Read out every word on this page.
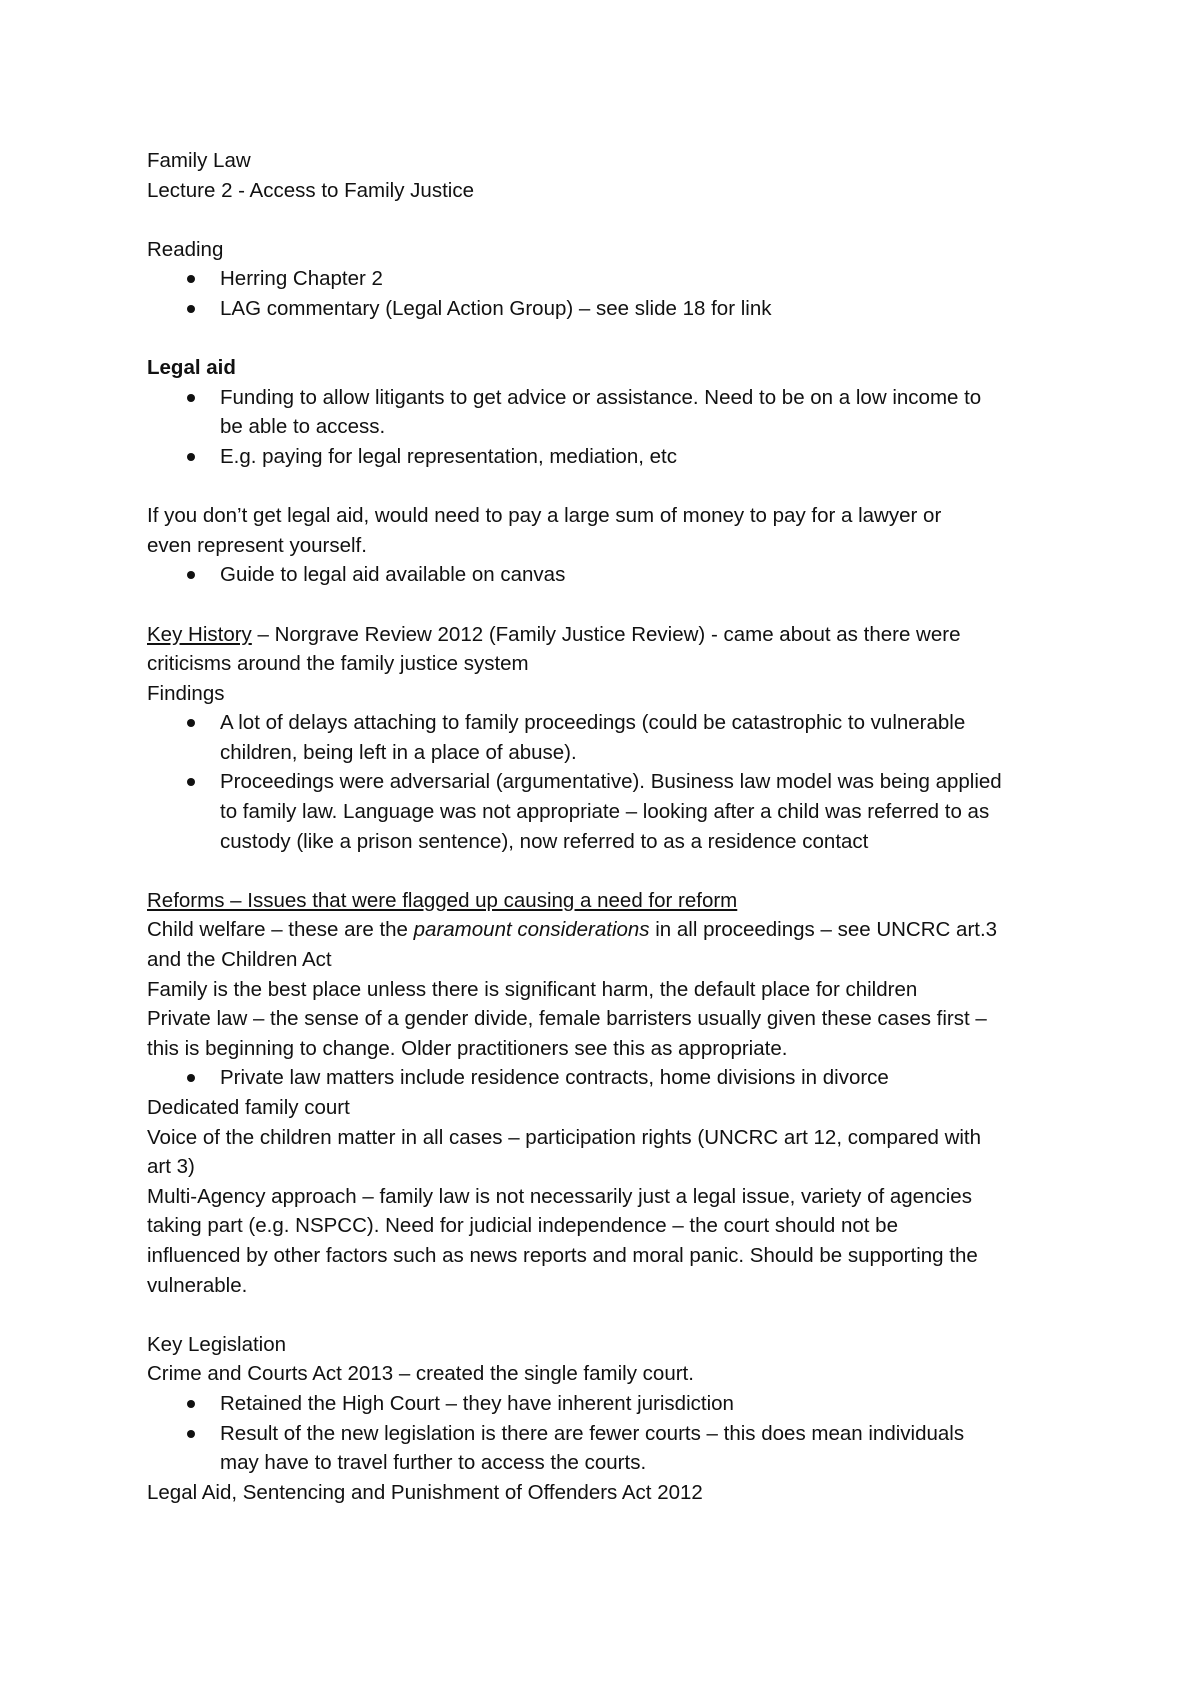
Family Law
Lecture 2 - Access to Family Justice
Reading
Herring Chapter 2
LAG commentary (Legal Action Group) – see slide 18 for link
Legal aid
Funding to allow litigants to get advice or assistance. Need to be on a low income to
be able to access.
E.g. paying for legal representation, mediation, etc
If you don’t get legal aid, would need to pay a large sum of money to pay for a lawyer or
even represent yourself.
Guide to legal aid available on canvas
Key History – Norgrave Review 2012 (Family Justice Review) - came about as there were
criticisms around the family justice system
Findings
A lot of delays attaching to family proceedings (could be catastrophic to vulnerable
children, being left in a place of abuse).
Proceedings were adversarial (argumentative). Business law model was being applied
to family law. Language was not appropriate – looking after a child was referred to as
custody (like a prison sentence), now referred to as a residence contact
Reforms – Issues that were flagged up causing a need for reform
Child welfare – these are the paramount considerations in all proceedings – see UNCRC art.3
and the Children Act
Family is the best place unless there is significant harm, the default place for children
Private law – the sense of a gender divide, female barristers usually given these cases first –
this is beginning to change. Older practitioners see this as appropriate.
Private law matters include residence contracts, home divisions in divorce
Dedicated family court
Voice of the children matter in all cases – participation rights (UNCRC art 12, compared with
art 3)
Multi-Agency approach – family law is not necessarily just a legal issue, variety of agencies
taking part (e.g. NSPCC). Need for judicial independence – the court should not be
influenced by other factors such as news reports and moral panic. Should be supporting the
vulnerable.
Key Legislation
Crime and Courts Act 2013 – created the single family court.
Retained the High Court – they have inherent jurisdiction
Result of the new legislation is there are fewer courts – this does mean individuals
may have to travel further to access the courts.
Legal Aid, Sentencing and Punishment of Offenders Act 2012
